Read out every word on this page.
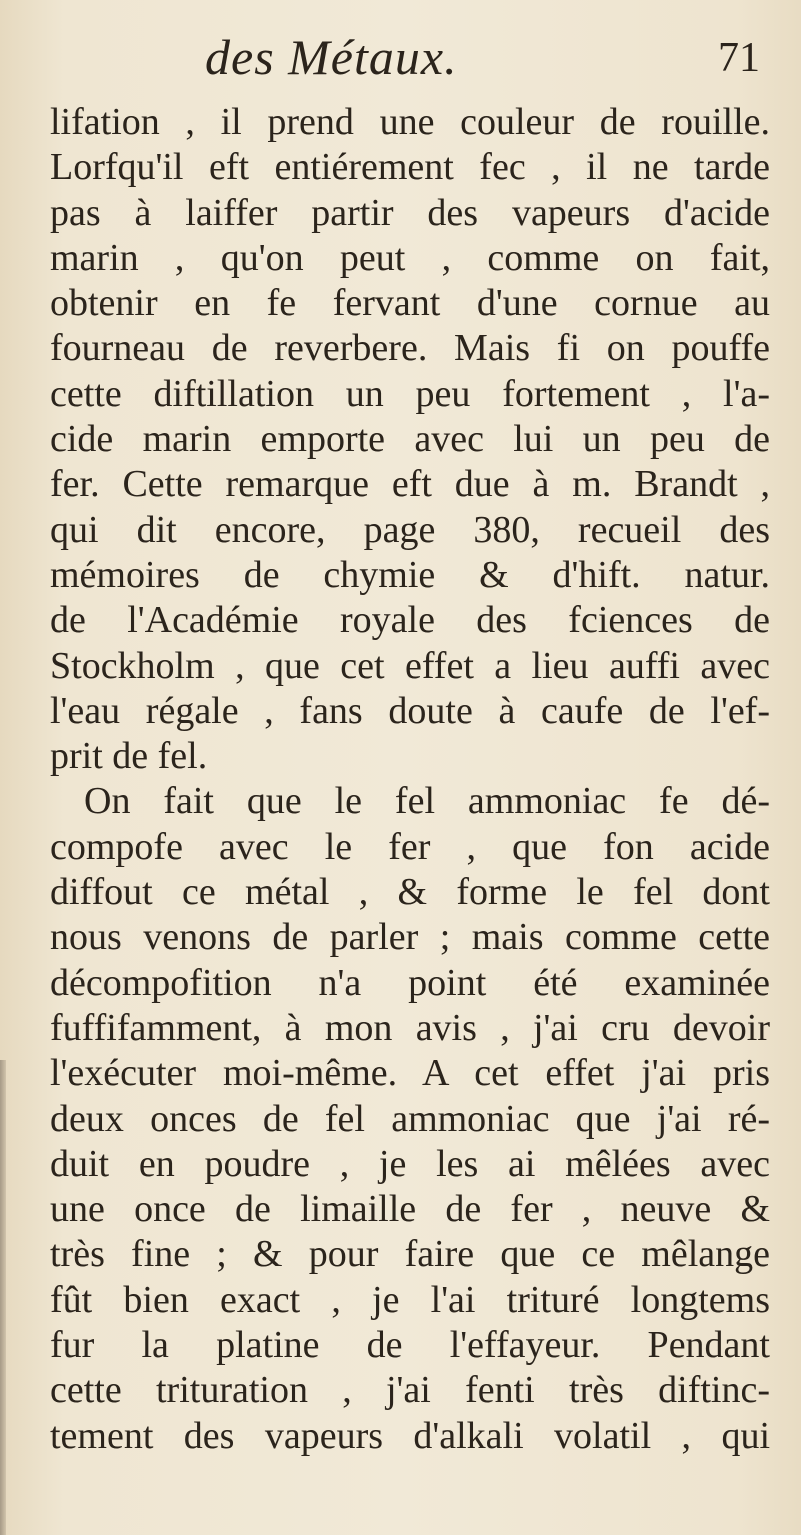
des Métaux.	71
lifation , il prend une couleur de rouille.
Lorfqu'il eft entiérement fec , il ne tarde
pas à laiffer partir des vapeurs d'acide
marin , qu'on peut , comme on fait,
obtenir en fe fervant d'une cornue au
fourneau de reverbere. Mais fi on pouffe
cette diftillation un peu fortement , l'a-
cide marin emporte avec lui un peu de
fer. Cette remarque eft due à m. Brandt ,
qui dit encore, page 380, recueil des
mémoires de chymie & d'hift. natur.
de l'Académie royale des fciences de
Stockholm , que cet effet a lieu auffi avec
l'eau régale , fans doute à caufe de l'ef-
prit de fel.
On fait que le fel ammoniac fe dé-
compofe avec le fer , que fon acide
diffout ce métal , & forme le fel dont
nous venons de parler ; mais comme cette
décompofition n'a point été examinée
fuffifamment, à mon avis , j'ai cru devoir
l'exécuter moi-même. A cet effet j'ai pris
deux onces de fel ammoniac que j'ai ré-
duit en poudre , je les ai mêlées avec
une once de limaille de fer , neuve &
très fine ; & pour faire que ce mêlange
fût bien exact , je l'ai trituré longtems
fur la platine de l'effayeur. Pendant
cette trituration , j'ai fenti très diftinc-
tement des vapeurs d'alkali volatil , qui
